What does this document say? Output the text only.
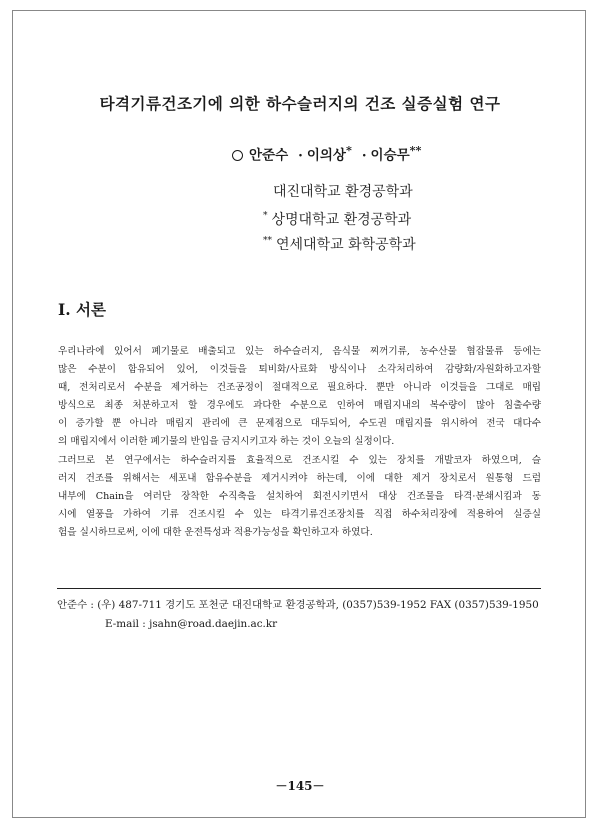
타격기류건조기에 의한 하수슬러지의 건조 실증실험 연구
안준수 · 이의상* · 이승무**
대진대학교 환경공학과
* 상명대학교 환경공학과
** 연세대학교 화학공학과
I. 서론
우리나라에 있어서 폐기물로 배출되고 있는 하수슬러지, 음식물 찌꺼기류, 농수산물 협잡물류 등에는
많은 수분이 함유되어 있어, 이것들을 퇴비화/사료화 방식이나 소각처리하여 감량화/자원화하고자할
때, 전처리로서 수분을 제거하는 건조공정이 절대적으로 필요하다. 뿐만 아니라 이것들을 그대로 매립
방식으로 최종 처분하고저 할 경우에도 과다한 수분으로 인하여 매립지내의 복수량이 많아 침출수량
이 증가할 뿐 아니라 매립지 관리에 큰 문제점으로 대두되어, 수도권 매립지를 위시하여 전국 대다수
의 매립지에서 이러한 폐기물의 반입을 금지시키고자 하는 것이 오늘의 실정이다.
그러므로 본 연구에서는 하수슬러지를 효율적으로 건조시킬 수 있는 장치를 개발코자 하였으며, 슬
러지 건조를 위해서는 세포내 함유수분을 제거시켜야 하는데, 이에 대한 제거 장치로서 원통형 드럼
내부에 Chain을 여러단 장착한 수직축을 설치하여 회전시키면서 대상 건조물을 타격·분쇄시킴과 동
시에 열풍을 가하여 기류 건조시킬 수 있는 타격기류건조장치를 직접 하수처리장에 적용하여 실증실
험을 실시하므로써, 이에 대한 운전특성과 적용가능성을 확인하고자 하였다.
안준수 : (우) 487-711 경기도 포천군 대진대학교 환경공학과, (0357)539-1952 FAX (0357)539-1950
E-mail : jsahn@road.daejin.ac.kr
－145－
